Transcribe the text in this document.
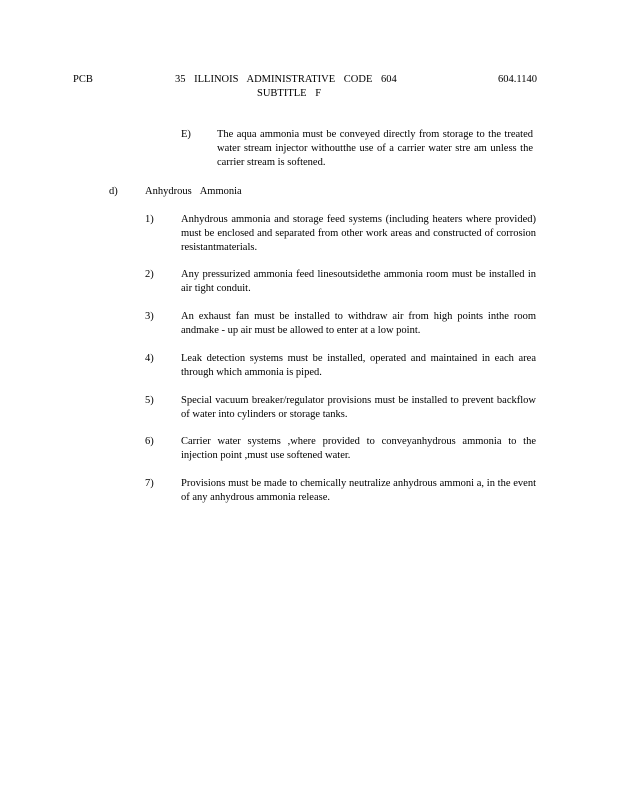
PCB	35 ILLINOIS ADMINISTRATIVE CODE 604
SUBTITLE F
604.1140
E) The aqua ammonia must be conveyed directly from storage to the treated water stream injector withoutthe use of a carrier water stre am unless the carrier stream is softened.
d)	Anhydrous Ammonia
1)	Anhydrous ammonia and storage feed systems (including heaters where provided) must be enclosed and separated from other work areas and constructed of corrosion resistantmaterials.
2)	Any pressurized ammonia feed linesoutsidethe ammonia room must be installed in air tight conduit.
3)	An exhaust fan must be installed to withdraw air from high points inthe room andmake - up air must be allowed to enter at a low point.
4)	Leak detection systems must be installed, operated and maintained in each area through which ammonia is piped.
5)	Special vacuum breaker/regulator provisions must be installed to prevent backflow of water into cylinders or storage tanks.
6)	Carrier water systems ,where provided to conveyanhydrous ammonia to the injection point ,must use softened water.
7)	Provisions must be made to chemically neutralize anhydrous ammoni a, in the event of any anhydrous ammonia release.
